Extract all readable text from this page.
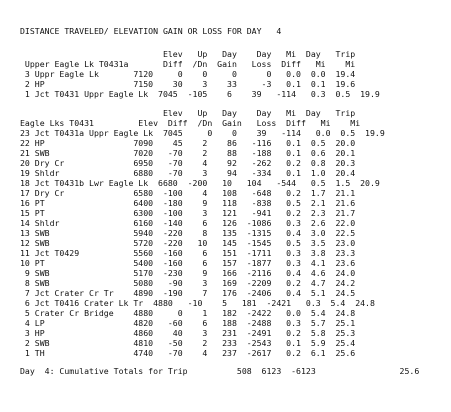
DISTANCE TRAVELED/ ELEVATION GAIN OR LOSS FOR DAY   4
Elev   Up   Day    Day   Mi  Day   Trip
Upper Eagle Lk T0431a       Diff  /Dn  Gain   Loss  Diff   Mi    Mi
3 Uppr Eagle Lk       7120     0    0     0      0   0.0  0.0  19.4
2 HP                  7150    30    3    33     -3   0.1  0.1  19.6
1 Jct T0431 Uppr Eagle Lk  7045  -105    6    39   -114   0.3  0.5  19.9
Elev   Up   Day    Day   Mi  Day   Trip
Eagle Lks T0431         Elev  Diff  /Dn  Gain   Loss  Diff   Mi    Mi
23 Jct T0431a Uppr Eagle Lk  7045     0    0    39   -114   0.0  0.5  19.9
22 HP                  7090    45    2    86   -116   0.1  0.5  20.0
21 SWB                 7020   -70    2    88   -188   0.1  0.6  20.1
20 Dry Cr              6950   -70    4    92   -262   0.2  0.8  20.3
19 Shldr               6880   -70    3    94   -334   0.1  1.0  20.4
18 Jct T0431b Lwr Eagle Lk  6680  -200   10   104   -544   0.5  1.5  20.9
17 Dry Cr              6580  -100    4   108   -648   0.2  1.7  21.1
16 PT                  6400  -180    9   118   -838   0.5  2.1  21.6
15 PT                  6300  -100    3   121   -941   0.2  2.3  21.7
14 Shldr               6160  -140    6   126  -1086   0.3  2.6  22.0
13 SWB                 5940  -220    8   135  -1315   0.4  3.0  22.5
12 SWB                 5720  -220   10   145  -1545   0.5  3.5  23.0
11 Jct T0429           5560  -160    6   151  -1711   0.3  3.8  23.3
10 PT                  5400  -160    6   157  -1877   0.3  4.1  23.6
9 SWB                 5170  -230    9   166  -2116   0.4  4.6  24.0
8 SWB                 5080   -90    3   169  -2209   0.2  4.7  24.2
7 Jct Crater Cr Tr    4890  -190    7   176  -2406   0.4  5.1  24.5
6 Jct T0416 Crater Lk Tr  4880   -10    5   181  -2421   0.3  5.4  24.8
5 Crater Cr Bridge    4880     0    1   182  -2422   0.0  5.4  24.8
4 LP                  4820   -60    6   188  -2488   0.3  5.7  25.1
3 HP                  4860    40    3   231  -2491   0.2  5.8  25.3
2 SWB                 4810   -50    2   233  -2543   0.1  5.9  25.4
1 TH                  4740   -70    4   237  -2617   0.2  6.1  25.6
Day  4: Cumulative Totals for Trip          508  6123  -6123                 25.6
